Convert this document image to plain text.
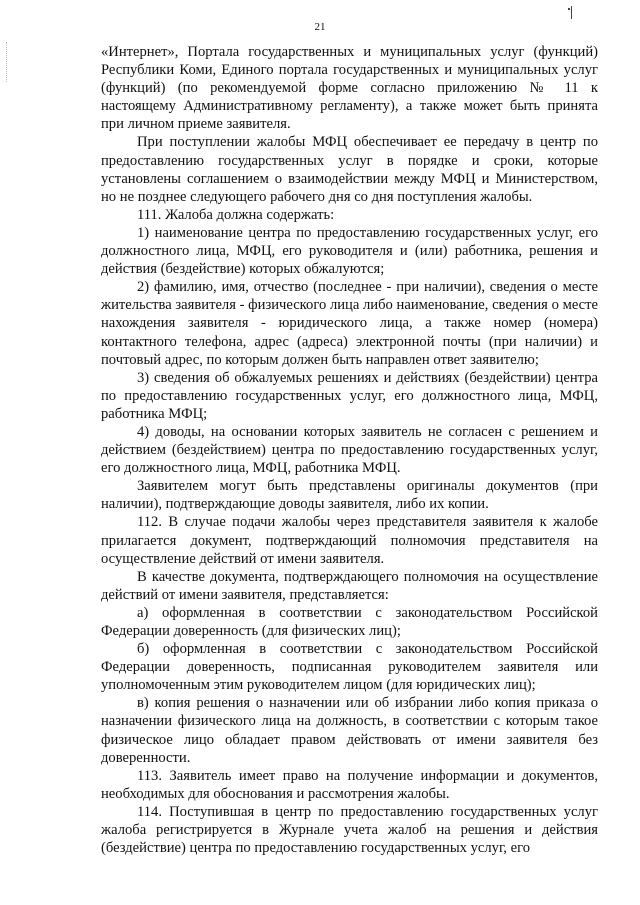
21

«Интернет», Портала государственных и муниципальных услуг (функций) Республики Коми, Единого портала государственных и муниципальных услуг (функций) (по рекомендуемой форме согласно приложению № 11 к настоящему Административному регламенту), а также может быть принята при личном приеме заявителя.

При поступлении жалобы МФЦ обеспечивает ее передачу в центр по предоставлению государственных услуг в порядке и сроки, которые установлены соглашением о взаимодействии между МФЦ и Министерством, но не позднее следующего рабочего дня со дня поступления жалобы.

111. Жалоба должна содержать:

1) наименование центра по предоставлению государственных услуг, его должностного лица, МФЦ, его руководителя и (или) работника, решения и действия (бездействие) которых обжалуются;

2) фамилию, имя, отчество (последнее - при наличии), сведения о месте жительства заявителя - физического лица либо наименование, сведения о месте нахождения заявителя - юридического лица, а также номер (номера) контактного телефона, адрес (адреса) электронной почты (при наличии) и почтовый адрес, по которым должен быть направлен ответ заявителю;

3) сведения об обжалуемых решениях и действиях (бездействии) центра по предоставлению государственных услуг, его должностного лица, МФЦ, работника МФЦ;

4) доводы, на основании которых заявитель не согласен с решением и действием (бездействием) центра по предоставлению государственных услуг, его должностного лица, МФЦ, работника МФЦ.

Заявителем могут быть представлены оригиналы документов (при наличии), подтверждающие доводы заявителя, либо их копии.

112. В случае подачи жалобы через представителя заявителя к жалобе прилагается документ, подтверждающий полномочия представителя на осуществление действий от имени заявителя.

В качестве документа, подтверждающего полномочия на осуществление действий от имени заявителя, представляется:

а) оформленная в соответствии с законодательством Российской Федерации доверенность (для физических лиц);

б) оформленная в соответствии с законодательством Российской Федерации доверенность, подписанная руководителем заявителя или уполномоченным этим руководителем лицом (для юридических лиц);

в) копия решения о назначении или об избрании либо копия приказа о назначении физического лица на должность, в соответствии с которым такое физическое лицо обладает правом действовать от имени заявителя без доверенности.

113. Заявитель имеет право на получение информации и документов, необходимых для обоснования и рассмотрения жалобы.

114. Поступившая в центр по предоставлению государственных услуг жалоба регистрируется в Журнале учета жалоб на решения и действия (бездействие) центра по предоставлению государственных услуг, его
